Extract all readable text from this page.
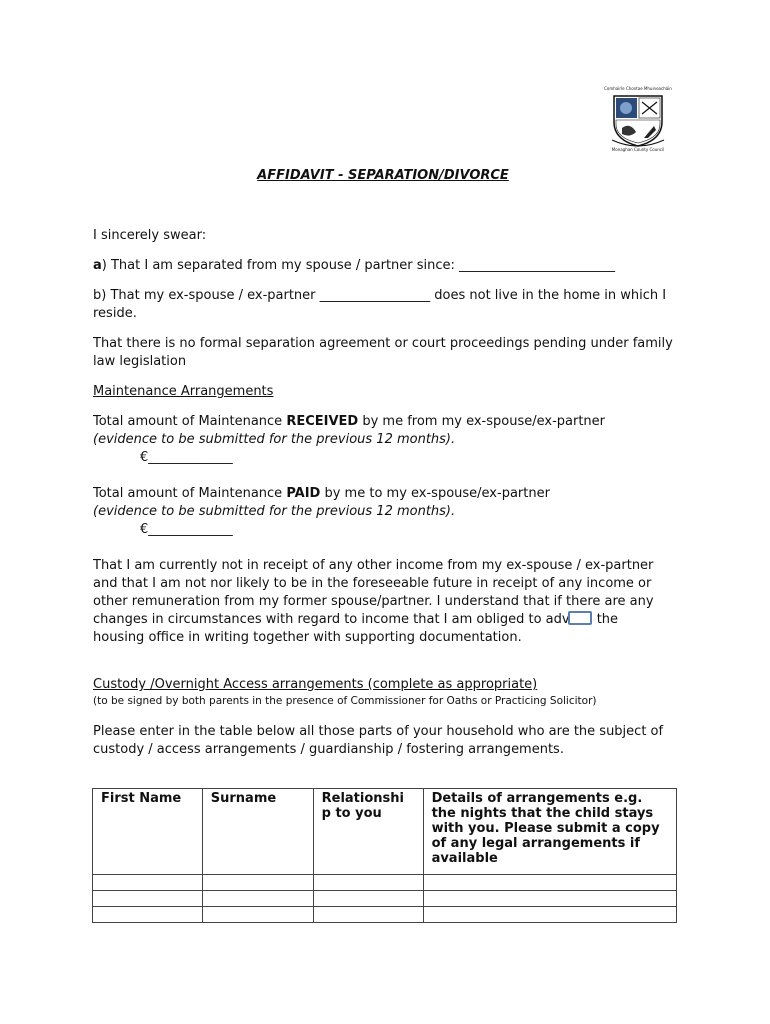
Comhairle Chontae Mhuineacháin
Monaghan County Council

AFFIDAVIT - SEPARATION/DIVORCE

I sincerely swear:

a) That I am separated from my spouse / partner since: ________________________

b) That my ex-spouse / ex-partner _________________ does not live in the home in which I reside.

That there is no formal separation agreement or court proceedings pending under family law legislation

Maintenance Arrangements

Total amount of Maintenance RECEIVED by me from my ex-spouse/ex-partner
(evidence to be submitted for the previous 12 months).
€_____________
Total amount of Maintenance PAID by me to my ex-spouse/ex-partner
(evidence to be submitted for the previous 12 months).
€_____________

That I am currently not in receipt of any other income from my ex-spouse / ex-partner and that I am not nor likely to be in the foreseeable future in receipt of any income or other remuneration from my former spouse/partner. I understand that if there are any changes in circumstances with regard to income that I am obliged to adv the housing office in writing together with supporting documentation.

Custody /Overnight Access arrangements (complete as appropriate)

(to be signed by both parents in the presence of Commissioner for Oaths or Practicing Solicitor)

Please enter in the table below all those parts of your household who are the subject of custody / access arrangements / guardianship / fostering arrangements.

First Name	Surname	Relationshi p to you	Details of arrangements e.g. the nights that the child stays with you. Please submit a copy of any legal arrangements if available
